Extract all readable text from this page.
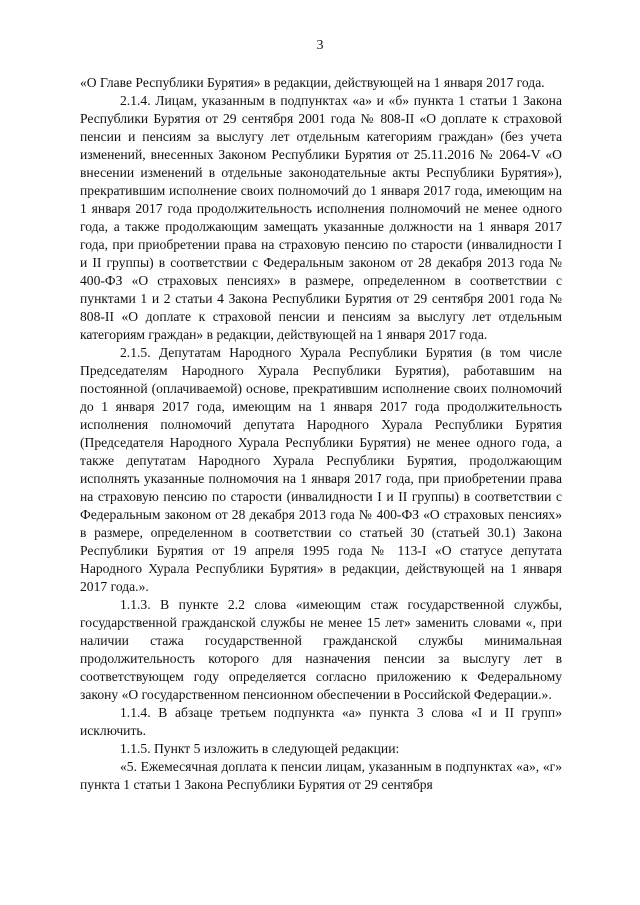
3

«О Главе Республики Бурятия» в редакции, действующей на 1 января 2017 года.

2.1.4. Лицам, указанным в подпунктах «а» и «б» пункта 1 статьи 1 Закона Республики Бурятия от 29 сентября 2001 года № 808-II «О доплате к страховой пенсии и пенсиям за выслугу лет отдельным категориям граждан» (без учета изменений, внесенных Законом Республики Бурятия от 25.11.2016 № 2064-V «О внесении изменений в отдельные законодательные акты Республики Бурятия»), прекратившим исполнение своих полномочий до 1 января 2017 года, имеющим на 1 января 2017 года продолжительность исполнения полномочий не менее одного года, а также продолжающим замещать указанные должности на 1 января 2017 года, при приобретении права на страховую пенсию по старости (инвалидности I и II группы) в соответствии с Федеральным законом от 28 декабря 2013 года № 400-ФЗ «О страховых пенсиях» в размере, определенном в соответствии с пунктами 1 и 2 статьи 4 Закона Республики Бурятия от 29 сентября 2001 года № 808-II «О доплате к страховой пенсии и пенсиям за выслугу лет отдельным категориям граждан» в редакции, действующей на 1 января 2017 года.

2.1.5. Депутатам Народного Хурала Республики Бурятия (в том числе Председателям Народного Хурала Республики Бурятия), работавшим на постоянной (оплачиваемой) основе, прекратившим исполнение своих полномочий до 1 января 2017 года, имеющим на 1 января 2017 года продолжительность исполнения полномочий депутата Народного Хурала Республики Бурятия (Председателя Народного Хурала Республики Бурятия) не менее одного года, а также депутатам Народного Хурала Республики Бурятия, продолжающим исполнять указанные полномочия на 1 января 2017 года, при приобретении права на страховую пенсию по старости (инвалидности I и II группы) в соответствии с Федеральным законом от 28 декабря 2013 года № 400-ФЗ «О страховых пенсиях» в размере, определенном в соответствии со статьей 30 (статьей 30.1) Закона Республики Бурятия от 19 апреля 1995 года № 113-I «О статусе депутата Народного Хурала Республики Бурятия» в редакции, действующей на 1 января 2017 года.».

1.1.3. В пункте 2.2 слова «имеющим стаж государственной службы, государственной гражданской службы не менее 15 лет» заменить словами «, при наличии стажа государственной гражданской службы минимальная продолжительность которого для назначения пенсии за выслугу лет в соответствующем году определяется согласно приложению к Федеральному закону «О государственном пенсионном обеспечении в Российской Федерации.».

1.1.4. В абзаце третьем подпункта «а» пункта 3 слова «I и II групп» исключить.

1.1.5. Пункт 5 изложить в следующей редакции:

«5. Ежемесячная доплата к пенсии лицам, указанным в подпунктах «а», «г» пункта 1 статьи 1 Закона Республики Бурятия от 29 сентября
